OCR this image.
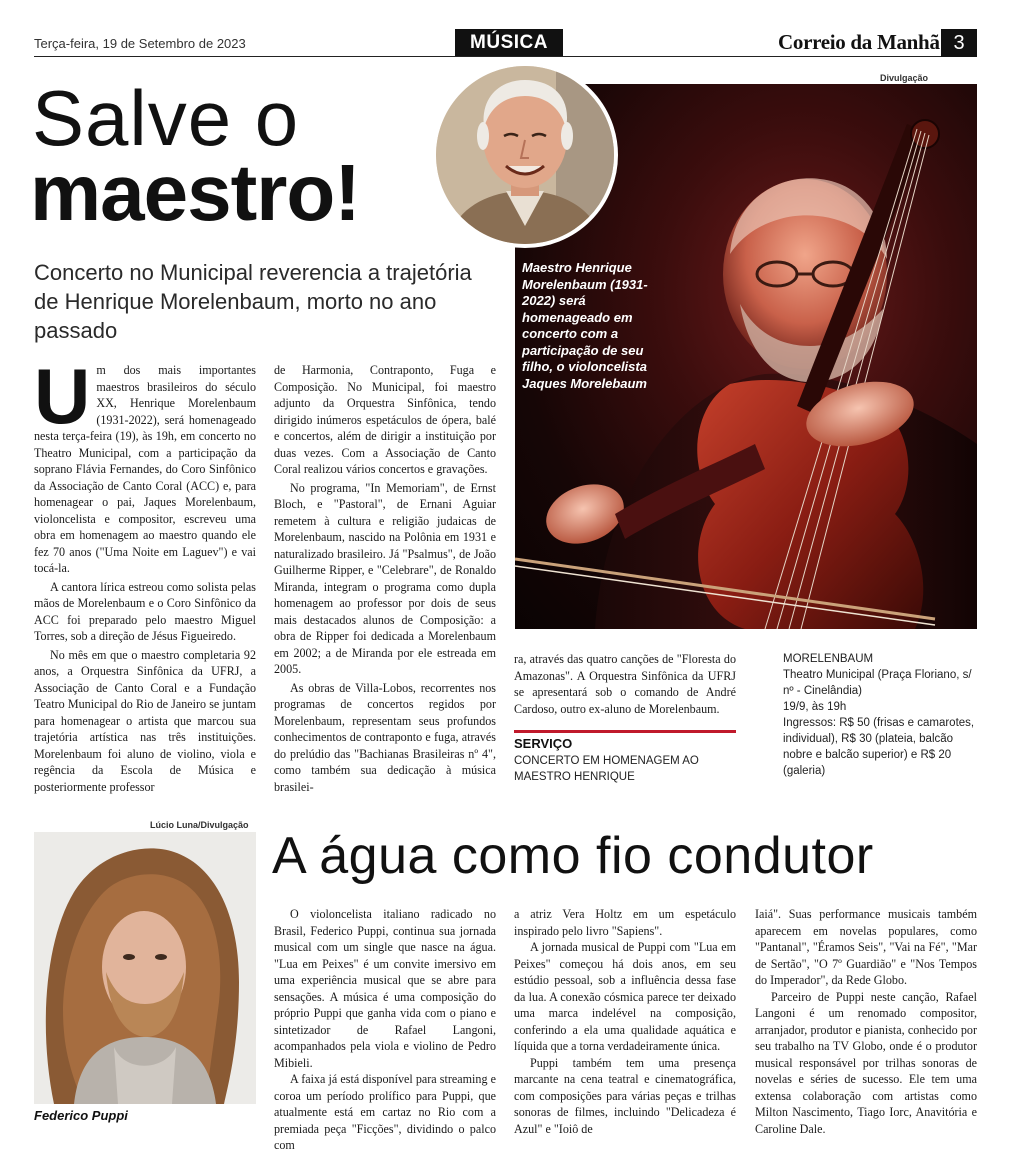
Terça-feira, 19 de Setembro de 2023	MÚSICA	Correio da Manhã 3
Salve o
maestro!
Concerto no Municipal reverencia a trajetória de Henrique Morelenbaum, morto no ano passado
Divulgação
Maestro Henrique Morelenbaum (1931-2022) será homenageado em concerto com a participação de seu filho, o violoncelista Jaques Morelebaum
U m dos mais importantes maestros brasileiros do século XX, Henrique Morelenbaum (1931-2022), será homenageado nesta terça-feira (19), às 19h, em concerto no Theatro Municipal, com a participação da soprano Flávia Fernandes, do Coro Sinfônico da Associação de Canto Coral (ACC) e, para homenagear o pai, Jaques Morelenbaum, violoncelista e compositor, escreveu uma obra em homenagem ao maestro quando ele fez 70 anos ("Uma Noite em Laguev") e vai tocá-la.

A cantora lírica estreou como solista pelas mãos de Morelenbaum e o Coro Sinfônico da ACC foi preparado pelo maestro Miguel Torres, sob a direção de Jésus Figueiredo.

No mês em que o maestro completaria 92 anos, a Orquestra Sinfônica da UFRJ, a Associação de Canto Coral e a Fundação Teatro Municipal do Rio de Janeiro se juntam para homenagear o artista que marcou sua trajetória artística nas três instituições. Morelenbaum foi aluno de violino, viola e regência da Escola de Música e posteriormente professor

de Harmonia, Contraponto, Fuga e Composição. No Municipal, foi maestro adjunto da Orquestra Sinfônica, tendo dirigido inúmeros espetáculos de ópera, balé e concertos, além de dirigir a instituição por duas vezes. Com a Associação de Canto Coral realizou vários concertos e gravações.

No programa, "In Memoriam", de Ernst Bloch, e "Pastoral", de Ernani Aguiar remetem à cultura e religião judaicas de Morelenbaum, nascido na Polônia em 1931 e naturalizado brasileiro. Já "Psalmus", de João Guilherme Ripper, e "Celebrare", de Ronaldo Miranda, integram o programa como dupla homenagem ao professor por dois de seus mais destacados alunos de Composição: a obra de Ripper foi dedicada a Morelenbaum em 2002; a de Miranda por ele estreada em 2005.

As obras de Villa-Lobos, recorrentes nos programas de concertos regidos por Morelenbaum, representam seus profundos conhecimentos de contraponto e fuga, através do prelúdio das "Bachianas Brasileiras nº 4", como também sua dedicação à música brasilei-

ra, através das quatro canções de "Floresta do Amazonas". A Orquestra Sinfônica da UFRJ se apresentará sob o comando de André Cardoso, outro ex-aluno de Morelenbaum.

SERVIÇO
CONCERTO EM HOMENAGEM AO MAESTRO HENRIQUE
MORELENBAUM
Theatro Municipal (Praça Floriano, s/ nº - Cinelândia)
19/9, às 19h
Ingressos: R$ 50 (frisas e camarotes, individual), R$ 30 (plateia, balcão nobre e balcão superior) e R$ 20 (galeria)
Lúcio Luna/Divulgação
Federico Puppi
A água como fio condutor

O violoncelista italiano radicado no Brasil, Federico Puppi, continua sua jornada musical com um single que nasce na água. "Lua em Peixes" é um convite imersivo em uma experiência musical que se abre para sensações. A música é uma composição do próprio Puppi que ganha vida com o piano e sintetizador de Rafael Langoni, acompanhados pela viola e violino de Pedro Mibieli.

A faixa já está disponível para streaming e coroa um período prolífico para Puppi, que atualmente está em cartaz no Rio com a premiada peça "Ficções", dividindo o palco com

a atriz Vera Holtz em um espetáculo inspirado pelo livro "Sapiens".

A jornada musical de Puppi com "Lua em Peixes" começou há dois anos, em seu estúdio pessoal, sob a influência dessa fase da lua. A conexão cósmica parece ter deixado uma marca indelével na composição, conferindo a ela uma qualidade aquática e líquida que a torna verdadeiramente única.

Puppi também tem uma presença marcante na cena teatral e cinematográfica, com composições para várias peças e trilhas sonoras de filmes, incluindo "Delicadeza é Azul" e "Ioiô de

Iaiá". Suas performance musicais também aparecem em novelas populares, como "Pantanal", "Éramos Seis", "Vai na Fé", "Mar de Sertão", "O 7º Guardião" e "Nos Tempos do Imperador", da Rede Globo.

Parceiro de Puppi neste canção, Rafael Langoni é um renomado compositor, arranjador, produtor e pianista, conhecido por seu trabalho na TV Globo, onde é o produtor musical responsável por trilhas sonoras de novelas e séries de sucesso. Ele tem uma extensa colaboração com artistas como Milton Nascimento, Tiago Iorc, Anavitória e Caroline Dale.
